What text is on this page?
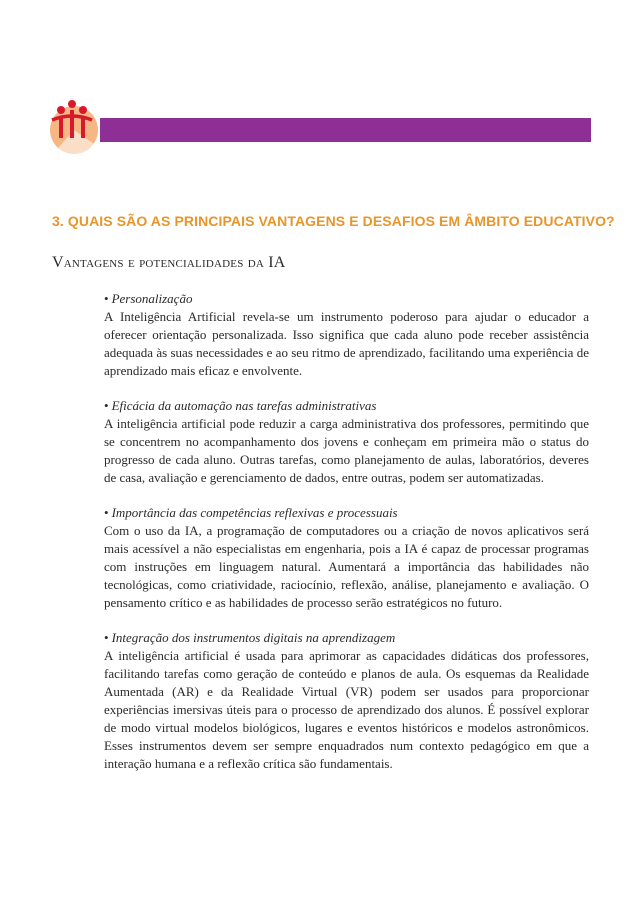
3. QUAIS SÃO AS PRINCIPAIS VANTAGENS E DESAFIOS EM ÂMBITO EDUCATIVO?
Vantagens e potencialidades da IA
• Personalização

A Inteligência Artificial revela-se um instrumento poderoso para ajudar o educador a oferecer orientação personalizada. Isso significa que cada aluno pode receber assistência adequada às suas necessidades e ao seu ritmo de aprendizado, facilitando uma experiência de aprendizado mais eficaz e envolvente.

• Eficácia da automação nas tarefas administrativas

A inteligência artificial pode reduzir a carga administrativa dos professores, permitindo que se concentrem no acompanhamento dos jovens e conheçam em primeira mão o status do progresso de cada aluno. Outras tarefas, como planejamento de aulas, laboratórios, deveres de casa, avaliação e gerenciamento de dados, entre outras, podem ser automatizadas.

• Importância das competências reflexivas e processuais

Com o uso da IA, a programação de computadores ou a criação de novos aplicativos será mais acessível a não especialistas em engenharia, pois a IA é capaz de processar programas com instruções em linguagem natural. Aumentará a importância das habilidades não tecnológicas, como criatividade, raciocínio, reflexão, análise, planejamento e avaliação. O pensamento crítico e as habilidades de processo serão estratégicos no futuro.

• Integração dos instrumentos digitais na aprendizagem

A inteligência artificial é usada para aprimorar as capacidades didáticas dos professores, facilitando tarefas como geração de conteúdo e planos de aula. Os esquemas da Realidade Aumentada (AR) e da Realidade Virtual (VR) podem ser usados para proporcionar experiências imersivas úteis para o processo de aprendizado dos alunos. É possível explorar de modo virtual modelos biológicos, lugares e eventos históricos e modelos astronômicos. Esses instrumentos devem ser sempre enquadrados num contexto pedagógico em que a interação humana e a reflexão crítica são fundamentais.
